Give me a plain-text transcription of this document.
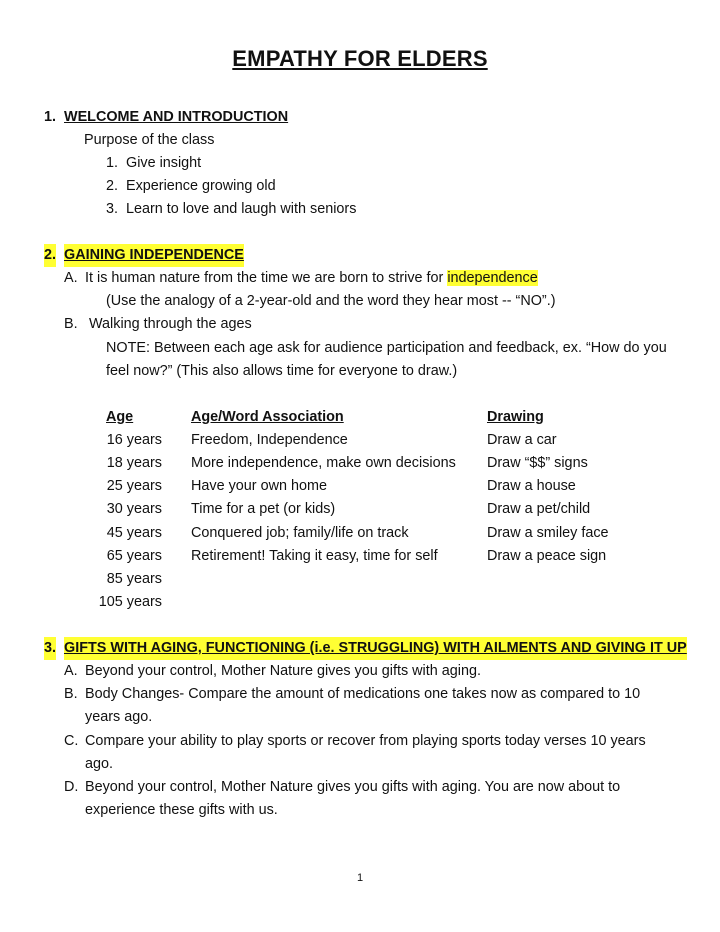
EMPATHY FOR ELDERS
1. WELCOME AND INTRODUCTION
Purpose of the class
1. Give insight
2. Experience growing old
3. Learn to love and laugh with seniors
2. GAINING INDEPENDENCE
A. It is human nature from the time we are born to strive for independence
(Use the analogy of a 2-year-old and the word they hear most -- “NO”.)
B. Walking through the ages
NOTE: Between each age ask for audience participation and feedback, ex. “How do you
feel now?” (This also allows time for everyone to draw.)
Age	Age/Word Association	Drawing
16 years Freedom, Independence	Draw a car
18 years More independence, make own decisions Draw “$$” signs
25 years Have your own home	Draw a house
30 years Time for a pet (or kids)	Draw a pet/child
45 years Conquered job; family/life on track	Draw a smiley face
65 years Retirement! Taking it easy, time for self	Draw a peace sign
85 years
105 years
3. GIFTS WITH AGING, FUNCTIONING (i.e. STRUGGLING) WITH AILMENTS AND GIVING IT UP
A. Beyond your control, Mother Nature gives you gifts with aging.
B. Body Changes- Compare the amount of medications one takes now as compared to 10
years ago.
C. Compare your ability to play sports or recover from playing sports today verses 10 years
ago.
D. Beyond your control, Mother Nature gives you gifts with aging. You are now about to
experience these gifts with us.
1
